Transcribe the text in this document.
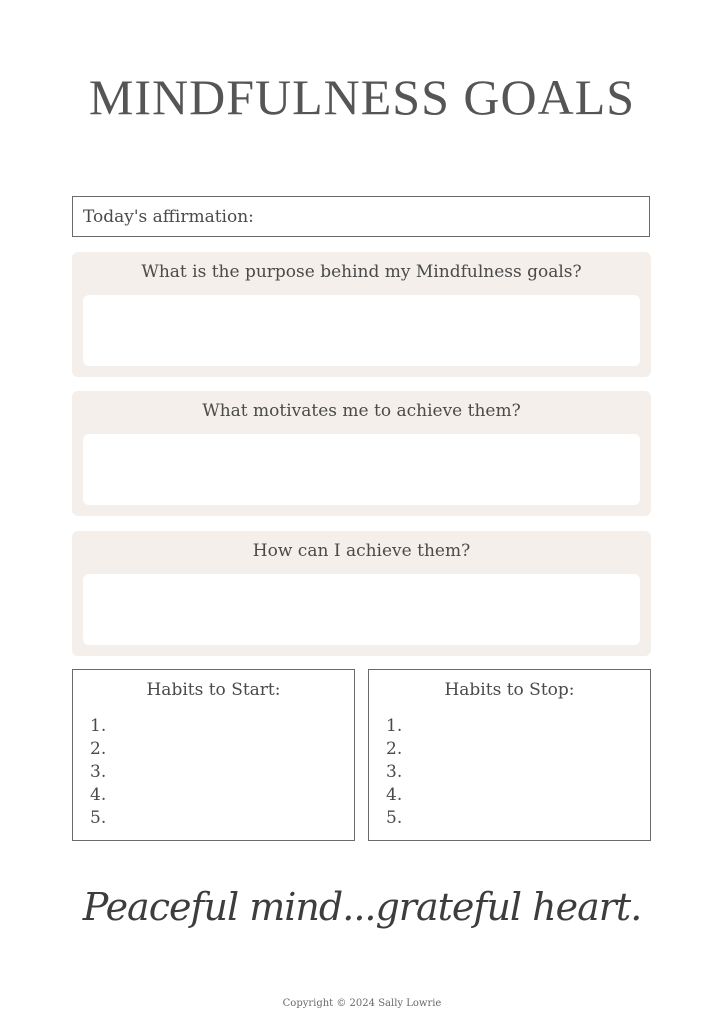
MINDFULNESS GOALS
Today's affirmation:
What is the purpose behind my Mindfulness goals?
What motivates me to achieve them?
How can I achieve them?
Habits to Start:
1.
2.
3.
4.
5.
Habits to Stop:
1.
2.
3.
4.
5.
Peaceful mind...grateful heart.
Copyright © 2024 Sally Lowrie
